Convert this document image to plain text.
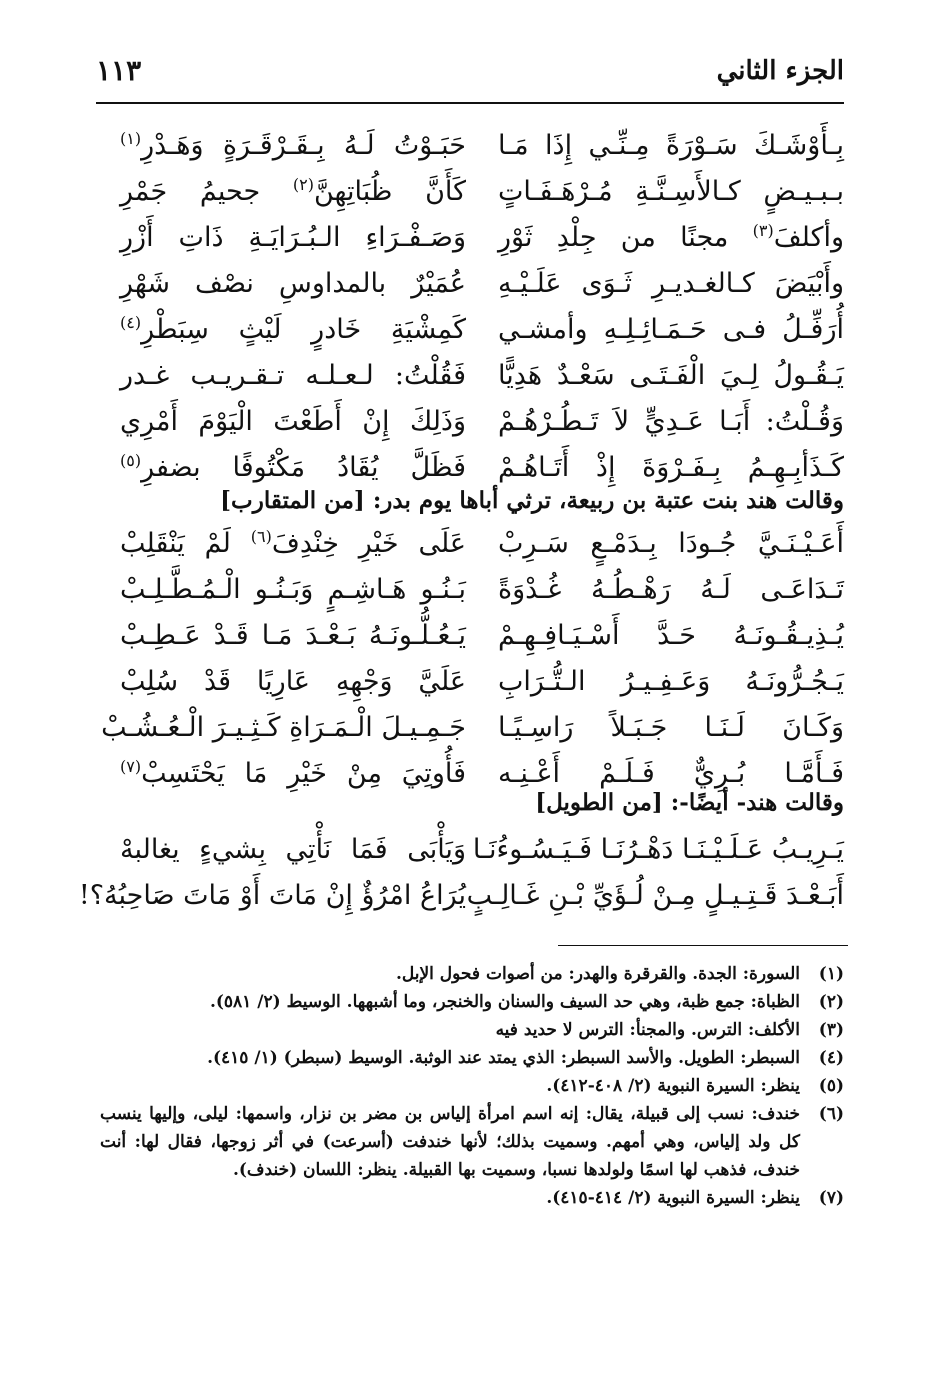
الجزء الثاني
١١٣
بِـأَوْشَـكَ سَـوْرَةً مِـنِّـي إِذَا مَـا
حَبَـوْتُ لَـهُ بِـقَـرْقَـرَةٍ وَهَـدْرِ$^{(١)}$
بـبـيـضٍ كـالأَسِـنَّـةِ مُـرْهَـفَـاتٍ
كَأَنَّ ظُبَاتِهِنَّ$^{(٢)}$ جحيمُ جَمْرِ
وأكلفَ$^{(٣)}$ مجنًا من جِلْدِ ثَوْرِ
وَصَـفْـرَاءِ الـبُـرَايَـةِ ذَاتِ أَزْرِ
وأَبْيَضَ كـالغـديـرِ ثَـوَى عَلَـيْـهِ
عُمَيْرٌ بالمداوسِ نصْف شَهْرِ
أُرَفِّـلُ فـى حَـمَـائِـلِـهِ وأمشـي
كَمِشْيَةِ خَادرٍ لَيْثٍ سِبَطْرِ$^{(٤)}$
يَـقُـولُ لِـيَ الْفَـتَـى سَعْـدٌ هَدِيًّا
فَقُلْتُ: لـعـلـه تـقـريـب غـدر
وَقُـلْتُ: أَبَـا عَـدِيٍّ لاَ تَـطُـرْهُـمْ
وَذَلِكَ إِنْ أَطَعْتَ الْيَوْمَ أَمْرِي
كَـذَأبِـهِـمُ بِـفَـرْوَةَ إِذْ أَتَـاهُـمْ
فَظَلَّ يُقَادُ مَكْتُوفًا بضفرِ$^{(٥)}$
وقالت هند بنت عتبة بن ربيعة، ترثي أباها يوم بدر: [من المتقارب]
أَعَـيْـنَـيَّ جُـودَا بِـدَمْـعٍ سَـرِبْ
عَلَى خَيْرِ خِنْدِفَ$^{(٦)}$ لَمْ يَنْقَلِبْ
تَـدَاعَـى لَـهُ رَهْـطُـهُ غُـدْوَةً
بَـنُـو هَـاشِـمٍ وَبَـنُـو الْـمُـطَّـلِـبْ
يُـذِيـقُـونَـهُ حَـدَّ أَسْـيَـافِـهِـمْ
يَـعُـلُّـونَـهُ بَـعْـدَ مَـا قَـدْ عَـطِـبْ
يَـجُـرُّونَـهُ وَعَـفِـيـرُ الـتُّـرَابِ
عَلَيَّ وَجْهِهِ عَارِيًا قَدْ سُلِبْ
وَكَـانَ لَـنَـا جَـبَـلاً رَاسِـيًـا
جَـمِـيـلَ الْـمَـرَاةِ كَـثِـيـرَ الْـعُـشُـبْ
فَـأَمَّـا بُـرِيٌّ فَـلَـمْ أَعْـنِـه
فَأُوتِيَ مِنْ خَيْرِ مَا يَحْتَسِبْ$^{(٧)}$
وقالت هند- أيضًا-: [من الطويل]
يَـرِيـبُ عَـلَـيْـنَـا دَهْـرُنَـا فَـيَـسُـوءُنَـا
وَيَأْبَى فَمَا نَأْتِي بِشيءٍ يغالبهْ
أَبَـعْـدَ قَـتِـيـلٍ مِـنْ لُـؤَيِّ بْـنِ غَـالِـبٍ
يُرَاعُ امْرُؤٌ إِنْ مَاتَ أَوْ مَاتَ صَاحِبُهُ؟!
(١)
السورة: الجدة. والقرقرة والهدر: من أصوات فحول الإبل.
(٢)
الظباة: جمع ظبة، وهي حد السيف والسنان والخنجر، وما أشبهها. الوسيط (٢/ ٥٨١).
(٣)
الأكلف: الترس. والمجنأ: الترس لا حديد فيه
(٤)
السبطر: الطويل. والأسد السبطر: الذي يمتد عند الوثبة. الوسيط (سبطر) (١/ ٤١٥).
(٥)
ينظر: السيرة النبوية (٢/ ٤٠٨-٤١٢).
(٦)
خندف: نسب إلى قبيلة، يقال: إنه اسم امرأة إلياس بن مضر بن نزار، واسمها: ليلى، وإليها ينسب كل ولد إلياس، وهي أمهم. وسميت بذلك؛ لأنها خندفت (أسرعت) في أثر زوجها، فقال لها: أنت خندف، فذهب لها اسمًا ولولدها نسبا، وسميت بها القبيلة. ينظر: اللسان (خندف).
(٧)
ينظر: السيرة النبوية (٢/ ٤١٤-٤١٥).
